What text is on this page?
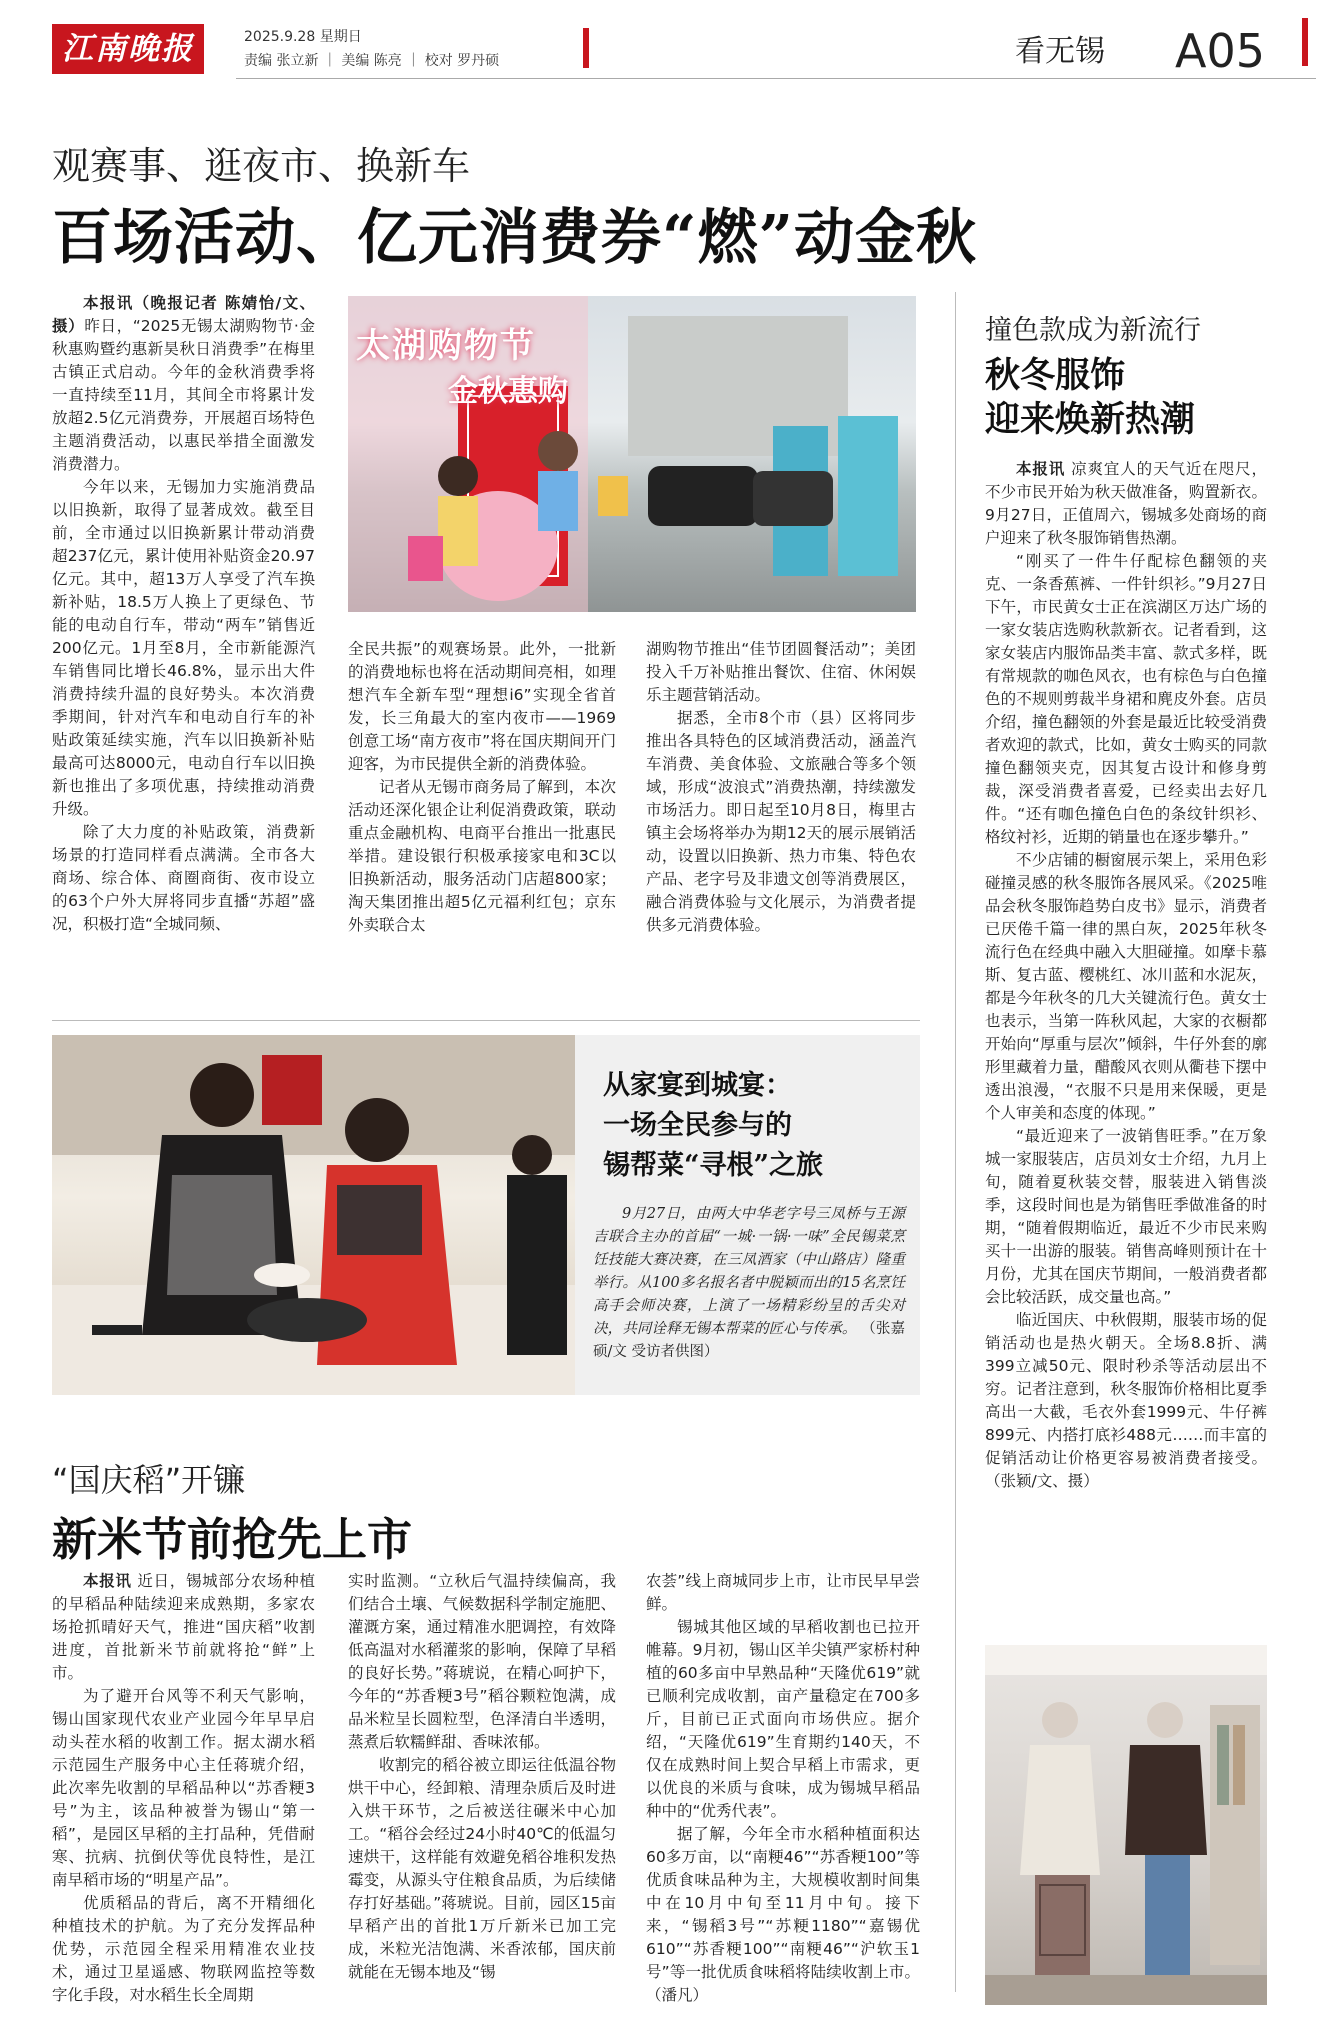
江南晚报	2025.9.28 星期日
责编 张立新 ｜ 美编 陈亮 ｜ 校对 罗丹硕	看无锡 A05
观赛事、逛夜市、换新车
百场活动、亿元消费券“燃”动金秋

本报讯（晚报记者 陈婧怡/文、摄）昨日，“2025无锡太湖购物节·金秋惠购暨约惠新昊秋日消费季”在梅里古镇正式启动。今年的金秋消费季将一直持续至11月，其间全市将累计发放超2.5亿元消费券，开展超百场特色主题消费活动，以惠民举措全面激发消费潜力。

今年以来，无锡加力实施消费品以旧换新，取得了显著成效。截至目前，全市通过以旧换新累计带动消费超237亿元，累计使用补贴资金20.97亿元。其中，超13万人享受了汽车换新补贴，18.5万人换上了更绿色、节能的电动自行车，带动“两车”销售近200亿元。1月至8月，全市新能源汽车销售同比增长46.8%，显示出大件消费持续升温的良好势头。本次消费季期间，针对汽车和电动自行车的补贴政策延续实施，汽车以旧换新补贴最高可达8000元，电动自行车以旧换新也推出了多项优惠，持续推动消费升级。

除了大力度的补贴政策，消费新场景的打造同样看点满满。全市各大商场、综合体、商圈商街、夜市设立的63个户外大屏将同步直播“苏超”盛况，积极打造“全城同频、

太湖购物节
金秋惠购

全民共振”的观赛场景。此外，一批新的消费地标也将在活动期间亮相，如理想汽车全新车型“理想i6”实现全省首发，长三角最大的室内夜市——1969创意工场“南方夜市”将在国庆期间开门迎客，为市民提供全新的消费体验。

记者从无锡市商务局了解到，本次活动还深化银企让利促消费政策，联动重点金融机构、电商平台推出一批惠民举措。建设银行积极承接家电和3C以旧换新活动，服务活动门店超800家；淘天集团推出超5亿元福利红包；京东外卖联合太

湖购物节推出“佳节团圆餐活动”；美团投入千万补贴推出餐饮、住宿、休闲娱乐主题营销活动。

据悉，全市8个市（县）区将同步推出各具特色的区域消费活动，涵盖汽车消费、美食体验、文旅融合等多个领域，形成“波浪式”消费热潮，持续激发市场活力。即日起至10月8日，梅里古镇主会场将举办为期12天的展示展销活动，设置以旧换新、热力市集、特色农产品、老字号及非遗文创等消费展区，融合消费体验与文化展示，为消费者提供多元消费体验。

撞色款成为新流行
秋冬服饰
迎来焕新热潮

本报讯 凉爽宜人的天气近在咫尺，不少市民开始为秋天做准备，购置新衣。9月27日，正值周六，锡城多处商场的商户迎来了秋冬服饰销售热潮。

“刚买了一件牛仔配棕色翻领的夹克、一条香蕉裤、一件针织衫。”9月27日下午，市民黄女士正在滨湖区万达广场的一家女装店选购秋款新衣。记者看到，这家女装店内服饰品类丰富、款式多样，既有常规款的咖色风衣，也有棕色与白色撞色的不规则剪裁半身裙和麂皮外套。店员介绍，撞色翻领的外套是最近比较受消费者欢迎的款式，比如，黄女士购买的同款撞色翻领夹克，因其复古设计和修身剪裁，深受消费者喜爱，已经卖出去好几件。“还有咖色撞色白色的条纹针织衫、格纹衬衫，近期的销量也在逐步攀升。”

不少店铺的橱窗展示架上，采用色彩碰撞灵感的秋冬服饰各展风采。《2025唯品会秋冬服饰趋势白皮书》显示，消费者已厌倦千篇一律的黑白灰，2025年秋冬流行色在经典中融入大胆碰撞。如摩卡慕斯、复古蓝、樱桃红、冰川蓝和水泥灰，都是今年秋冬的几大关键流行色。黄女士也表示，当第一阵秋风起，大家的衣橱都开始向“厚重与层次”倾斜，牛仔外套的廓形里藏着力量，醋酸风衣则从衢巷下摆中透出浪漫，“衣服不只是用来保暖，更是个人审美和态度的体现。”

“最近迎来了一波销售旺季。”在万象城一家服装店，店员刘女士介绍，九月上旬，随着夏秋装交替，服装进入销售淡季，这段时间也是为销售旺季做准备的时期，“随着假期临近，最近不少市民来购买十一出游的服装。销售高峰则预计在十月份，尤其在国庆节期间，一般消费者都会比较活跃，成交量也高。”

临近国庆、中秋假期，服装市场的促销活动也是热火朝天。全场8.8折、满399立减50元、限时秒杀等活动层出不穷。记者注意到，秋冬服饰价格相比夏季高出一大截，毛衣外套1999元、牛仔裤899元、内搭打底衫488元……而丰富的促销活动让价格更容易被消费者接受。（张颖/文、摄）

从家宴到城宴：
一场全民参与的
锡帮菜“寻根”之旅
9月27日，由两大中华老字号三凤桥与王源吉联合主办的首届“一城·一锅·一味”全民锡菜烹饪技能大赛决赛，在三凤酒家（中山路店）隆重举行。从100多名报名者中脱颖而出的15名烹饪高手会师决赛，上演了一场精彩纷呈的舌尖对决，共同诠释无锡本帮菜的匠心与传承。 （张嘉硕/文 受访者供图）
“国庆稻”开镰
新米节前抢先上市

本报讯 近日，锡城部分农场种植的早稻品种陆续迎来成熟期，多家农场抢抓晴好天气，推进“国庆稻”收割进度，首批新米节前就将抢“鲜”上市。

为了避开台风等不利天气影响，锡山国家现代农业产业园今年早早启动头茬水稻的收割工作。据太湖水稻示范园生产服务中心主任蒋琥介绍，此次率先收割的早稻品种以“苏香粳3号”为主，该品种被誉为锡山“第一稻”，是园区早稻的主打品种，凭借耐寒、抗病、抗倒伏等优良特性，是江南早稻市场的“明星产品”。

优质稻品的背后，离不开精细化种植技术的护航。为了充分发挥品种优势，示范园全程采用精准农业技术，通过卫星遥感、物联网监控等数字化手段，对水稻生长全周期

实时监测。“立秋后气温持续偏高，我们结合土壤、气候数据科学制定施肥、灌溉方案，通过精准水肥调控，有效降低高温对水稻灌浆的影响，保障了早稻的良好长势。”蒋琥说，在精心呵护下，今年的“苏香粳3号”稻谷颗粒饱满，成品米粒呈长圆粒型，色泽清白半透明，蒸煮后软糯鲜甜、香味浓郁。

收割完的稻谷被立即运往低温谷物烘干中心，经卸粮、清理杂质后及时进入烘干环节，之后被送往碾米中心加工。“稻谷会经过24小时40℃的低温匀速烘干，这样能有效避免稻谷堆积发热霉变，从源头守住粮食品质，为后续储存打好基础。”蒋琥说。目前，园区15亩早稻产出的首批1万斤新米已加工完成，米粒光洁饱满、米香浓郁，国庆前就能在无锡本地及“锡

农荟”线上商城同步上市，让市民早早尝鲜。

锡城其他区域的早稻收割也已拉开帷幕。9月初，锡山区羊尖镇严家桥村种植的60多亩中早熟品种“天隆优619”就已顺利完成收割，亩产量稳定在700多斤，目前已正式面向市场供应。据介绍，“天隆优619”生育期约140天，不仅在成熟时间上契合早稻上市需求，更以优良的米质与食味，成为锡城早稻品种中的“优秀代表”。

据了解，今年全市水稻种植面积达60多万亩，以“南粳46”“苏香粳100”等优质食味品种为主，大规模收割时间集中在10月中旬至11月中旬。接下来，“锡稻3号”“苏粳1180”“嘉锡优610”“苏香粳100”“南粳46”“沪软玉1号”等一批优质食味稻将陆续收割上市。（潘凡）
